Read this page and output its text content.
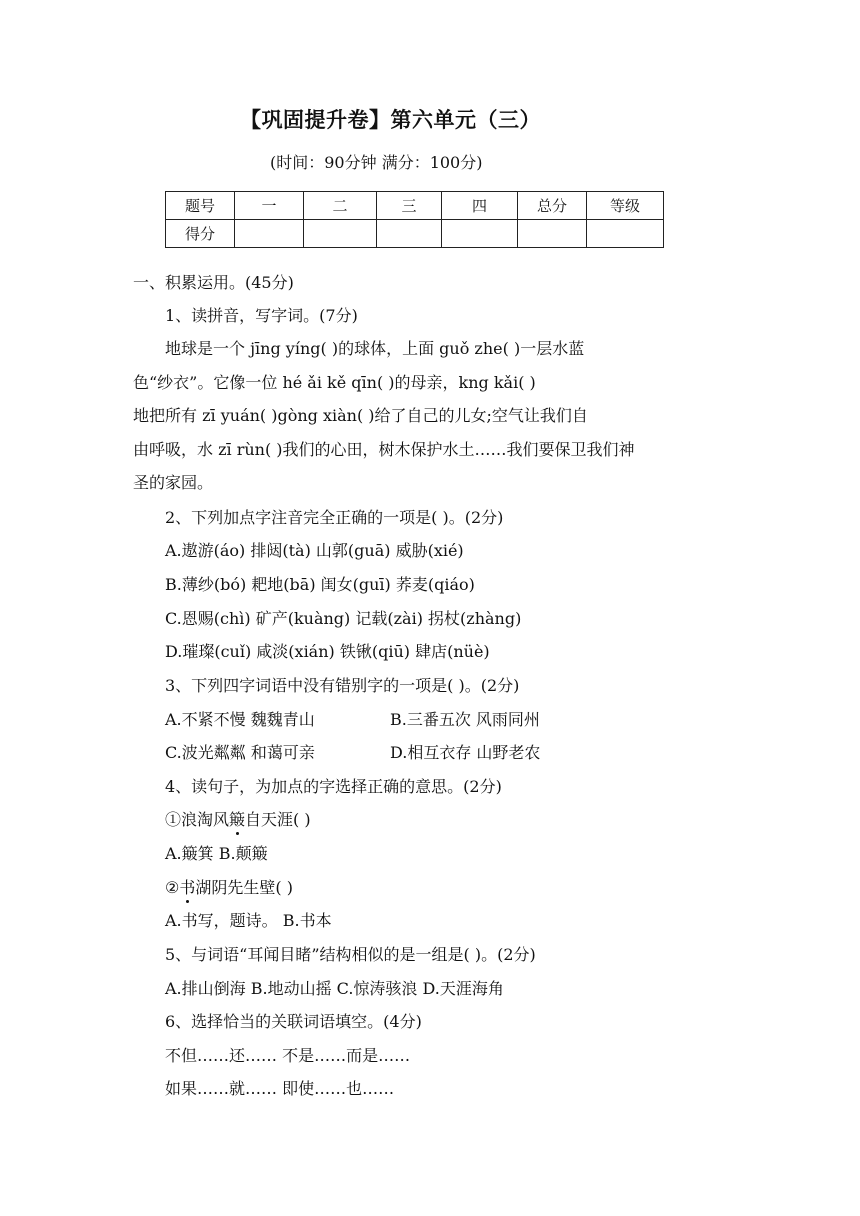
【巩固提升卷】第六单元（三）
(时间：90分钟 满分：100分)
题号	一	二	三	四	总分	等级
得分						
一、积累运用。(45分)
1、读拼音，写字词。(7分)
地球是一个 jīng yíng( )的球体，上面 guǒ zhe( )一层水蓝
色“纱衣”。它像一位 hé ǎi kě qīn( )的母亲，kng kǎi( )
地把所有 zī yuán( )gòng xiàn( )给了自己的儿女;空气让我们自
由呼吸，水 zī rùn( )我们的心田，树木保护水土……我们要保卫我们神
圣的家园。
2、下列加点字注音完全正确的一项是( )。(2分)
A.遨游(áo) 排闼(tà) 山郭(guā) 威胁(xié)
B.薄纱(bó) 耙地(bā) 闺女(guī) 荞麦(qiáo)
C.恩赐(chì) 矿产(kuàng) 记载(zài) 拐杖(zhàng)
D.璀璨(cuǐ) 咸淡(xián) 铁锹(qiū) 肆店(nüè)
3、下列四字词语中没有错别字的一项是( )。(2分)
A.不紧不慢 魏魏青山	B.三番五次 风雨同州
C.波光粼粼 和蔼可亲	D.相互衣存 山野老农
4、读句子，为加点的字选择正确的意思。(2分)
①浪淘风簸自天涯( )
A.簸箕 B.颠簸
②书湖阴先生壁( )
A.书写，题诗。 B.书本
5、与词语“耳闻目睹”结构相似的是一组是( )。(2分)
A.排山倒海 B.地动山摇 C.惊涛骇浪 D.天涯海角
6、选择恰当的关联词语填空。(4分)
不但……还…… 不是……而是……
如果……就…… 即使……也……
